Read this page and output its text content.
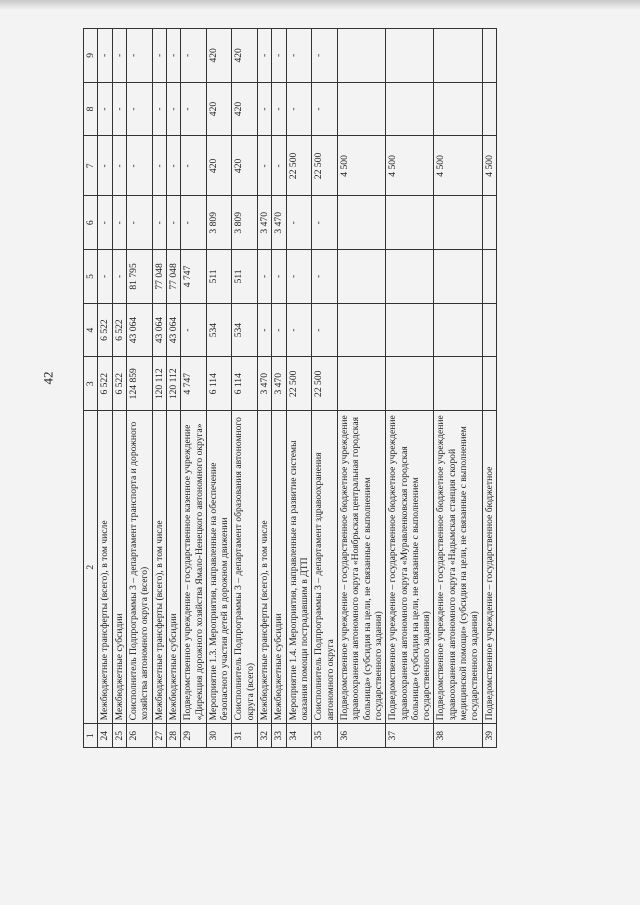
42
1	2	3	4	5	6	7	8	9
24	Межбюджетные трансферты (всего), в том числе	6 522	6 522	-	-	-	-	-
25	Межбюджетные субсидии	6 522	6 522	-	-	-	-	-
26	Соисполнитель Подпрограммы 3 – департамент транспорта и дорожного хозяйства автономного округа (всего)	124 859	43 064	81 795	-	-	-	-
27	Межбюджетные трансферты (всего), в том числе	120 112	43 064	77 048	-	-	-	-
28	Межбюджетные субсидии	120 112	43 064	77 048	-	-	-	-
29	Подведомственное учреждение – государственное казенное учреждение «Дирекция дорожного хозяйства Ямало-Ненецкого автономного округа»	4 747	-	4 747	-	-	-	-
30	Мероприятие 1.3. Мероприятия, направленные на обеспечение безопасного участия детей в дорожном движении	6 114	534	511	3 809	420	420	420
31	Соисполнитель Подпрограммы 3 – департамент образования автономного округа (всего)	6 114	534	511	3 809	420	420	420
32	Межбюджетные трансферты (всего), в том числе	3 470	-	-	3 470	-	-	-
33	Межбюджетные субсидии	3 470	-	-	3 470	-	-	-
34	Мероприятие 1.4. Мероприятия, направленные на развитие системы оказания помощи пострадавшим в ДТП	22 500	-	-	-	22 500	-	-
35	Соисполнитель Подпрограммы 3 – департамент здравоохранения автономного округа	22 500	-	-	-	22 500	-	-
36	Подведомственное учреждение – государственное бюджетное учреждение здравоохранения автономного округа «Ноябрьская центральная городская больница» (субсидия на цели, не связанные с выполнением государственного задания)					4 500		
37	Подведомственное учреждение – государственное бюджетное учреждение здравоохранения автономного округа «Муравленковская городская больница» (субсидия на цели, не связанные с выполнением государственного задания)					4 500		
38	Подведомственное учреждение – государственное бюджетное учреждение здравоохранения автономного округа «Надымская станция скорой медицинской помощи» (субсидия на цели, не связанные с выполнением государственного задания)					4 500		
39	Подведомственное учреждение – государственное бюджетное					4 500		
